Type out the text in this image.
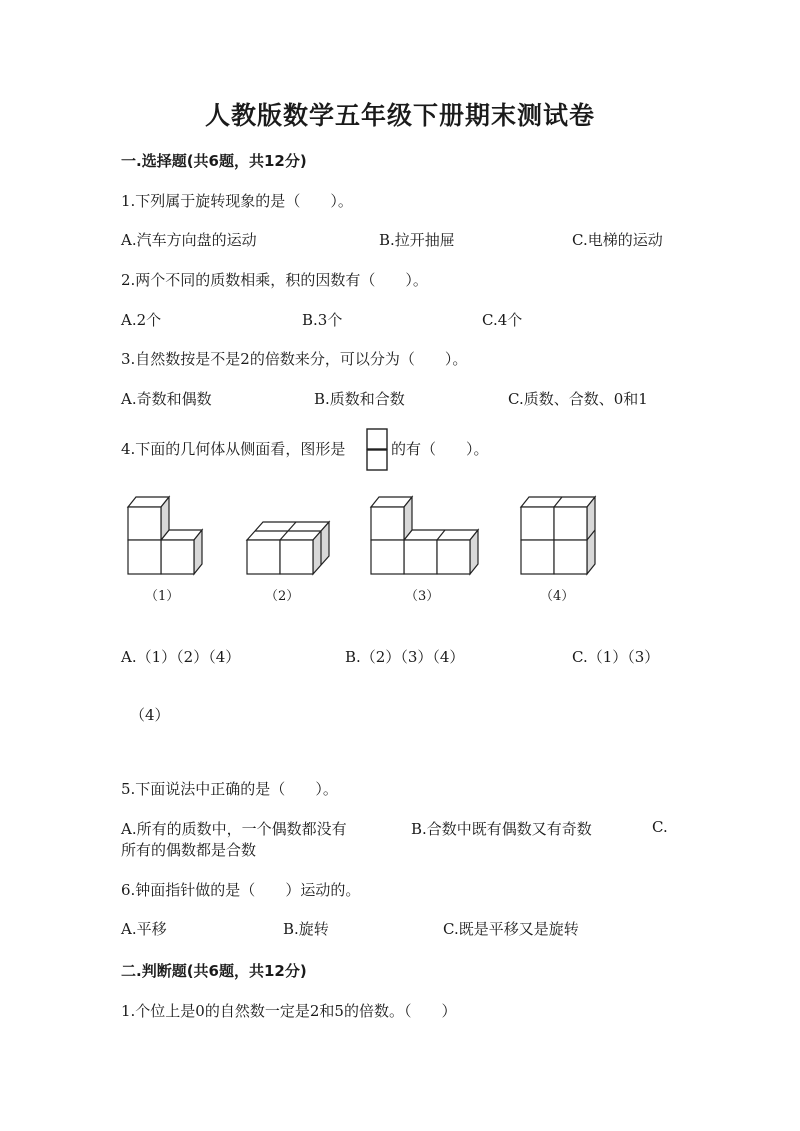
人教版数学五年级下册期末测试卷
一.选择题(共6题，共12分)
1.下列属于旋转现象的是（　　）。
A.汽车方向盘的运动	B.拉开抽屉	C.电梯的运动
2.两个不同的质数相乘，积的因数有（　　）。
A.2个	B.3个	C.4个
3.自然数按是不是2的倍数来分，可以分为（　　）。
A.奇数和偶数	B.质数和合数	C.质数、合数、0和1
4.下面的几何体从侧面看，图形是	的有（　　）。
（1）	（2）	（3）	（4）
A.（1）（2）（4）	B.（2）（3）（4）	C.（1）（3）
（4）
5.下面说法中正确的是（　　）。
A.所有的质数中，一个偶数都没有	B.合数中既有偶数又有奇数	C.
所有的偶数都是合数
6.钟面指针做的是（　　）运动的。
A.平移	B.旋转	C.既是平移又是旋转
二.判断题(共6题，共12分)
1.个位上是0的自然数一定是2和5的倍数。（　　）
